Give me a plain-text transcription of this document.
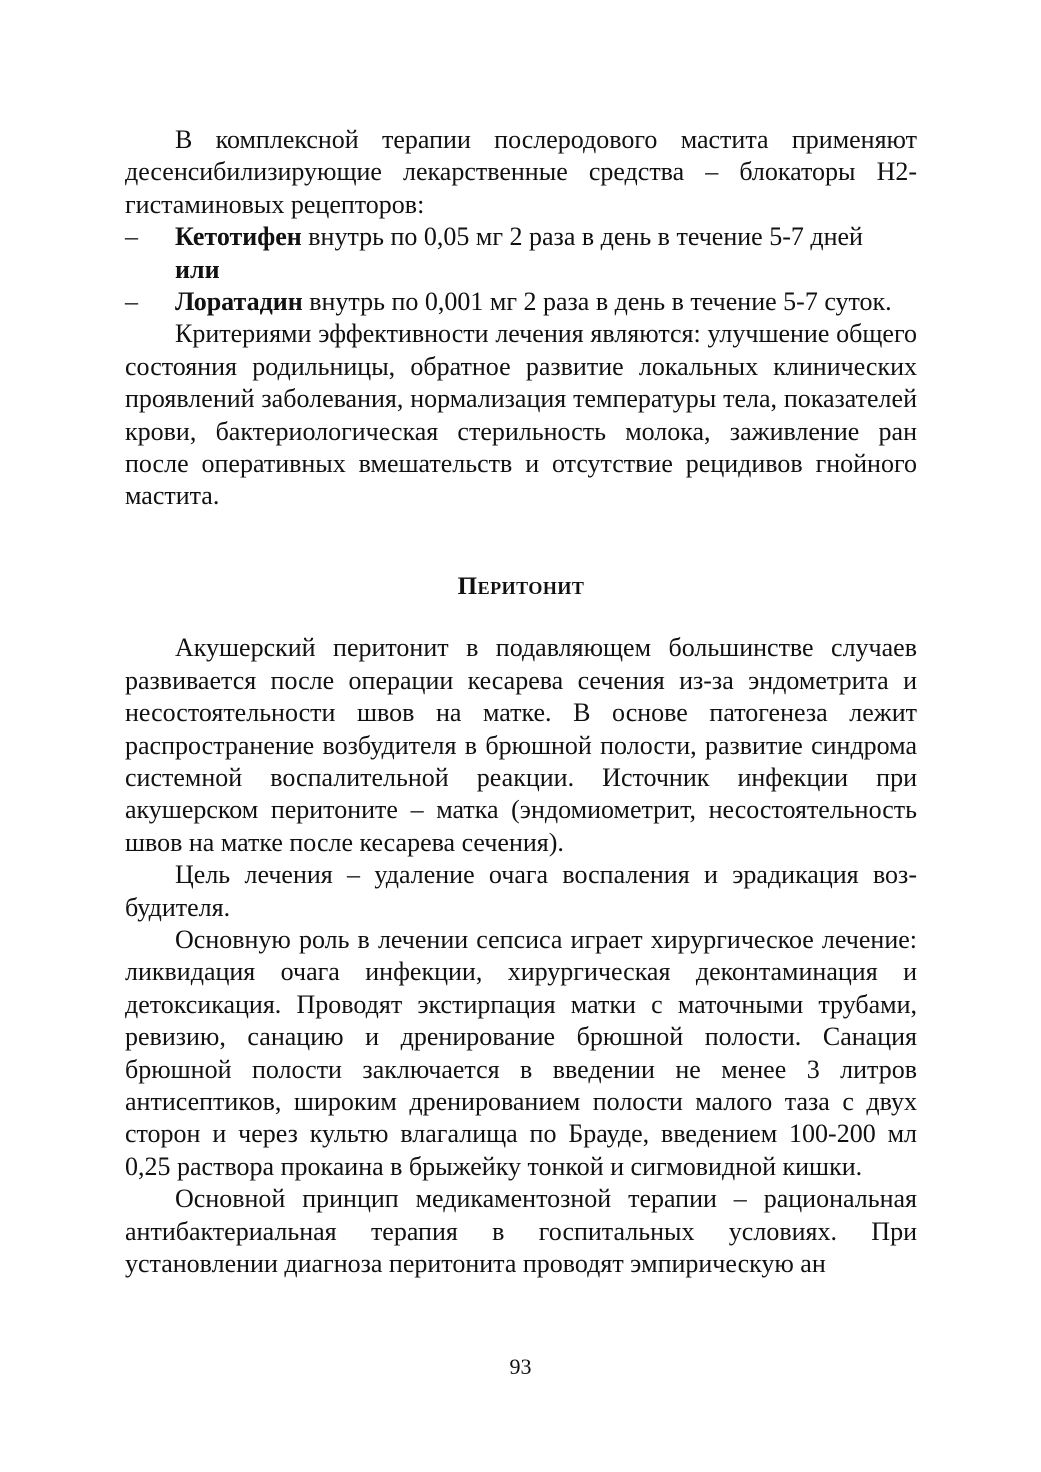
В комплексной терапии послеродового мастита применяют десенсибилизирующие лекарственные средства – блокаторы Н2-гистаминовых рецепторов:

– Кетотифен внутрь по 0,05 мг 2 раза в день в течение 5-7 дней
или
– Лоратадин внутрь по 0,001 мг 2 раза в день в течение 5-7 суток.

Критериями эффективности лечения являются: улучшение общего состояния родильницы, обратное развитие локальных клинических проявлений заболевания, нормализация температуры тела, показателей крови, бактериологическая стерильность молока, заживление ран после оперативных вмешательств и отсутствие рецидивов гнойного мастита.

Перитонит

Акушерский перитонит в подавляющем большинстве случаев развивается после операции кесарева сечения из-за эндометрита и несостоятельности швов на матке. В основе патогенеза лежит распространение возбудителя в брюшной полости, развитие синдрома системной воспалительной реакции. Источник инфекции при акушерском перитоните – матка (эндомиометрит, несостоятельность швов на матке после кесарева сечения).

Цель лечения – удаление очага воспаления и эрадикация возбудителя.

Основную роль в лечении сепсиса играет хирургическое лечение: ликвидация очага инфекции, хирургическая деконтаминация и детоксикация. Проводят экстирпация матки с маточными трубами, ревизию, санацию и дренирование брюшной полости. Санация брюшной полости заключается в введении не менее 3 литров антисептиков, широким дренированием полости малого таза с двух сторон и через культю влагалища по Брауде, введением 100-200 мл 0,25 раствора прокаина в брыжейку тонкой и сигмовидной кишки.

Основной принцип медикаментозной терапии – рациональная антибактериальная терапия в госпитальных условиях. При установлении диагноза перитонита проводят эмпирическую ан

93
